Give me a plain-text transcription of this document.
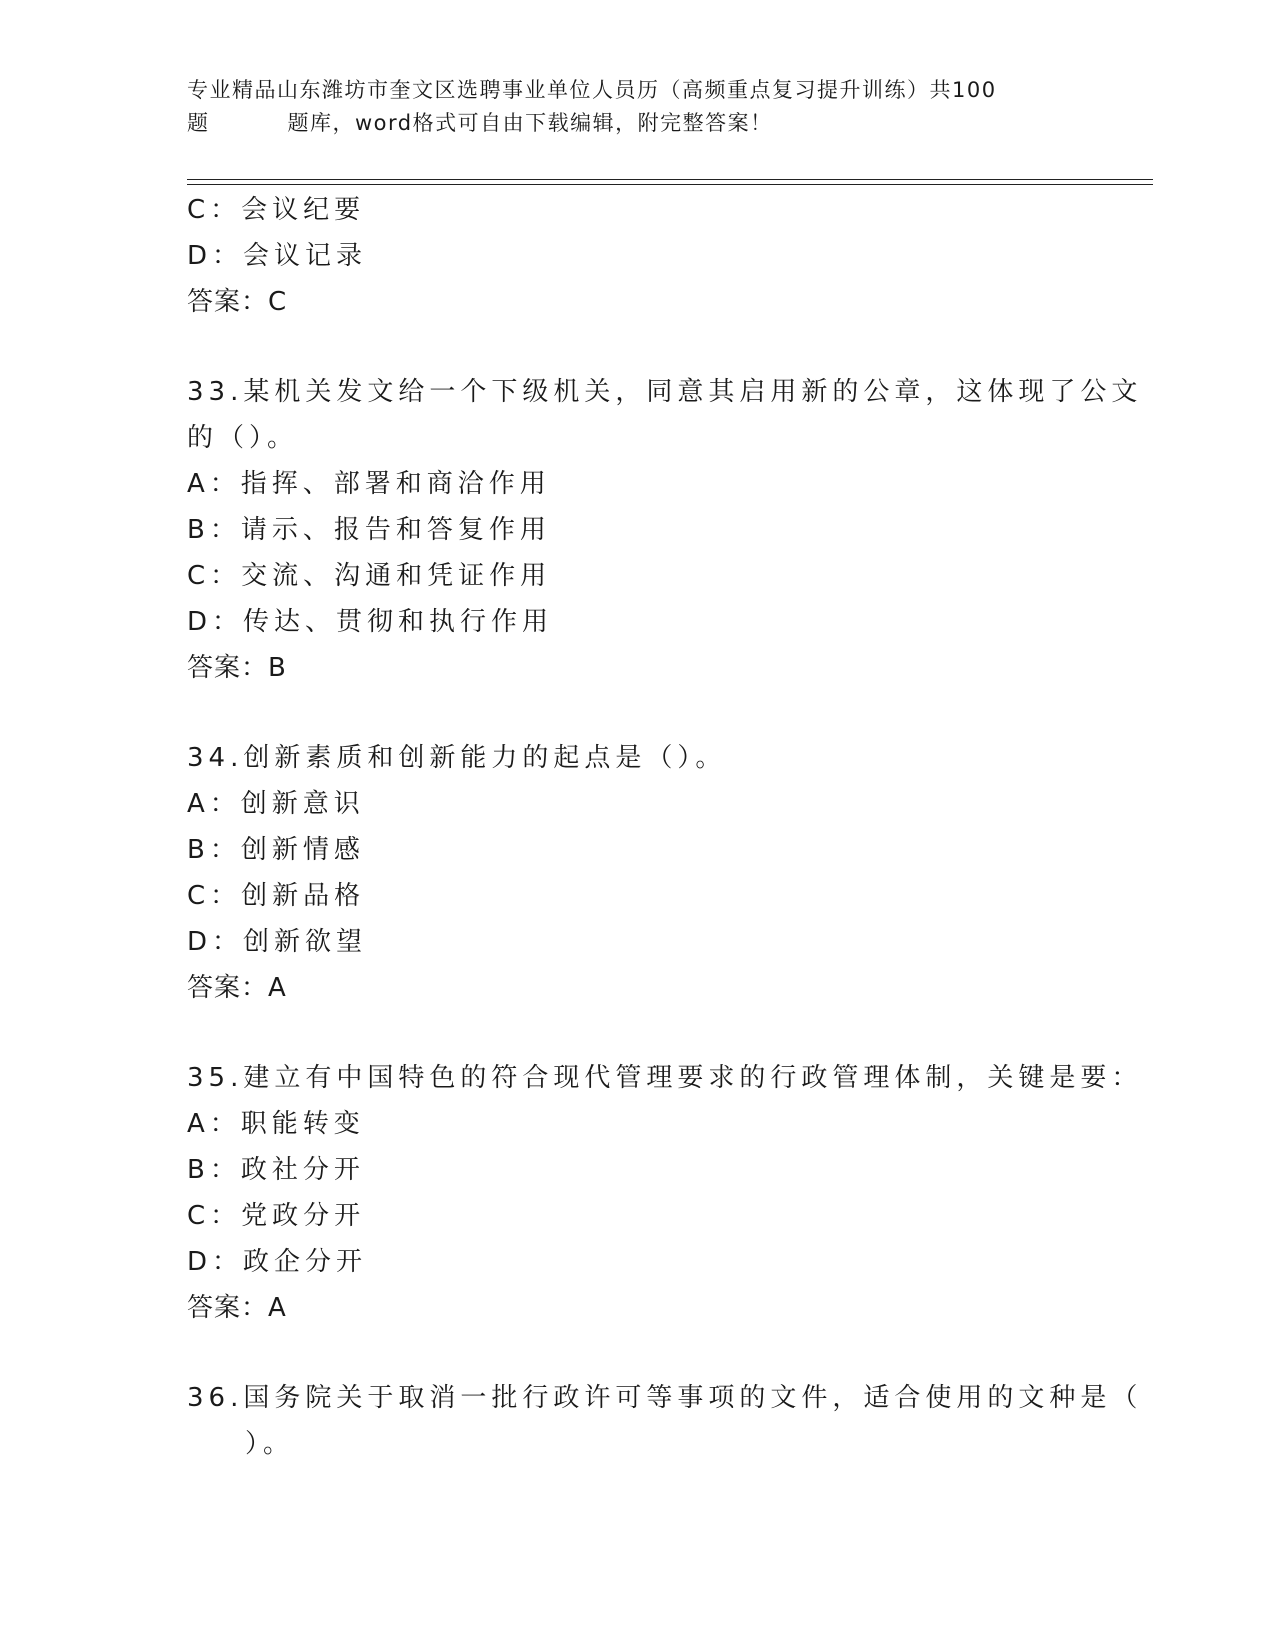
专业精品山东潍坊市奎文区选聘事业单位人员历（高频重点复习提升训练）共100
题	题库，word格式可自由下载编辑，附完整答案！
C：会议纪要
D：会议记录
答案：C
33.某机关发文给一个下级机关，同意其启用新的公章，这体现了公文
的（）。
A：指挥、部署和商洽作用
B：请示、报告和答复作用
C：交流、沟通和凭证作用
D：传达、贯彻和执行作用
答案：B
34.创新素质和创新能力的起点是（）。
A：创新意识
B：创新情感
C：创新品格
D：创新欲望
答案：A
35.建立有中国特色的符合现代管理要求的行政管理体制，关键是要：
A：职能转变
B：政社分开
C：党政分开
D：政企分开
答案：A
36.国务院关于取消一批行政许可等事项的文件，适合使用的文种是（
）。
